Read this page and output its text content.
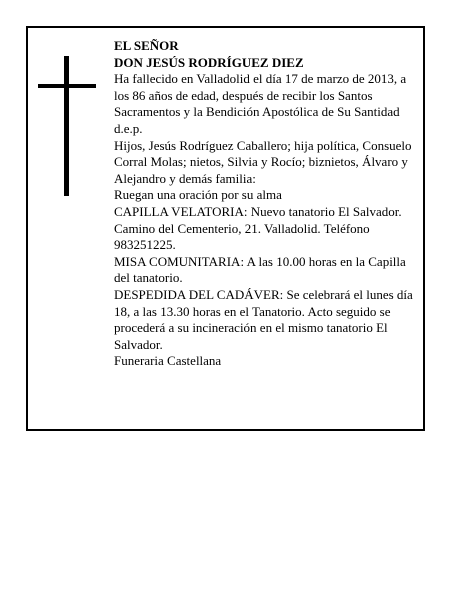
EL SEÑOR

DON JESÚS RODRÍGUEZ DIEZ

Ha fallecido en Valladolid el día 17 de marzo de 2013, a los 86 años de edad, después de recibir los Santos Sacramentos y la Bendición Apostólica de Su Santidad d.e.p.

Hijos, Jesús Rodríguez Caballero; hija política, Consuelo Corral Molas; nietos, Silvia y Rocío; biznietos, Álvaro y Alejandro y demás familia:

Ruegan una oración por su alma

CAPILLA VELATORIA: Nuevo tanatorio El Salvador. Camino del Cementerio, 21. Valladolid. Teléfono 983251225.

MISA COMUNITARIA: A las 10.00 horas en la Capilla del tanatorio.

DESPEDIDA DEL CADÁVER: Se celebrará el lunes día 18, a las 13.30 horas en el Tanatorio. Acto seguido se procederá a su incineración en el mismo tanatorio El Salvador.

Funeraria Castellana
